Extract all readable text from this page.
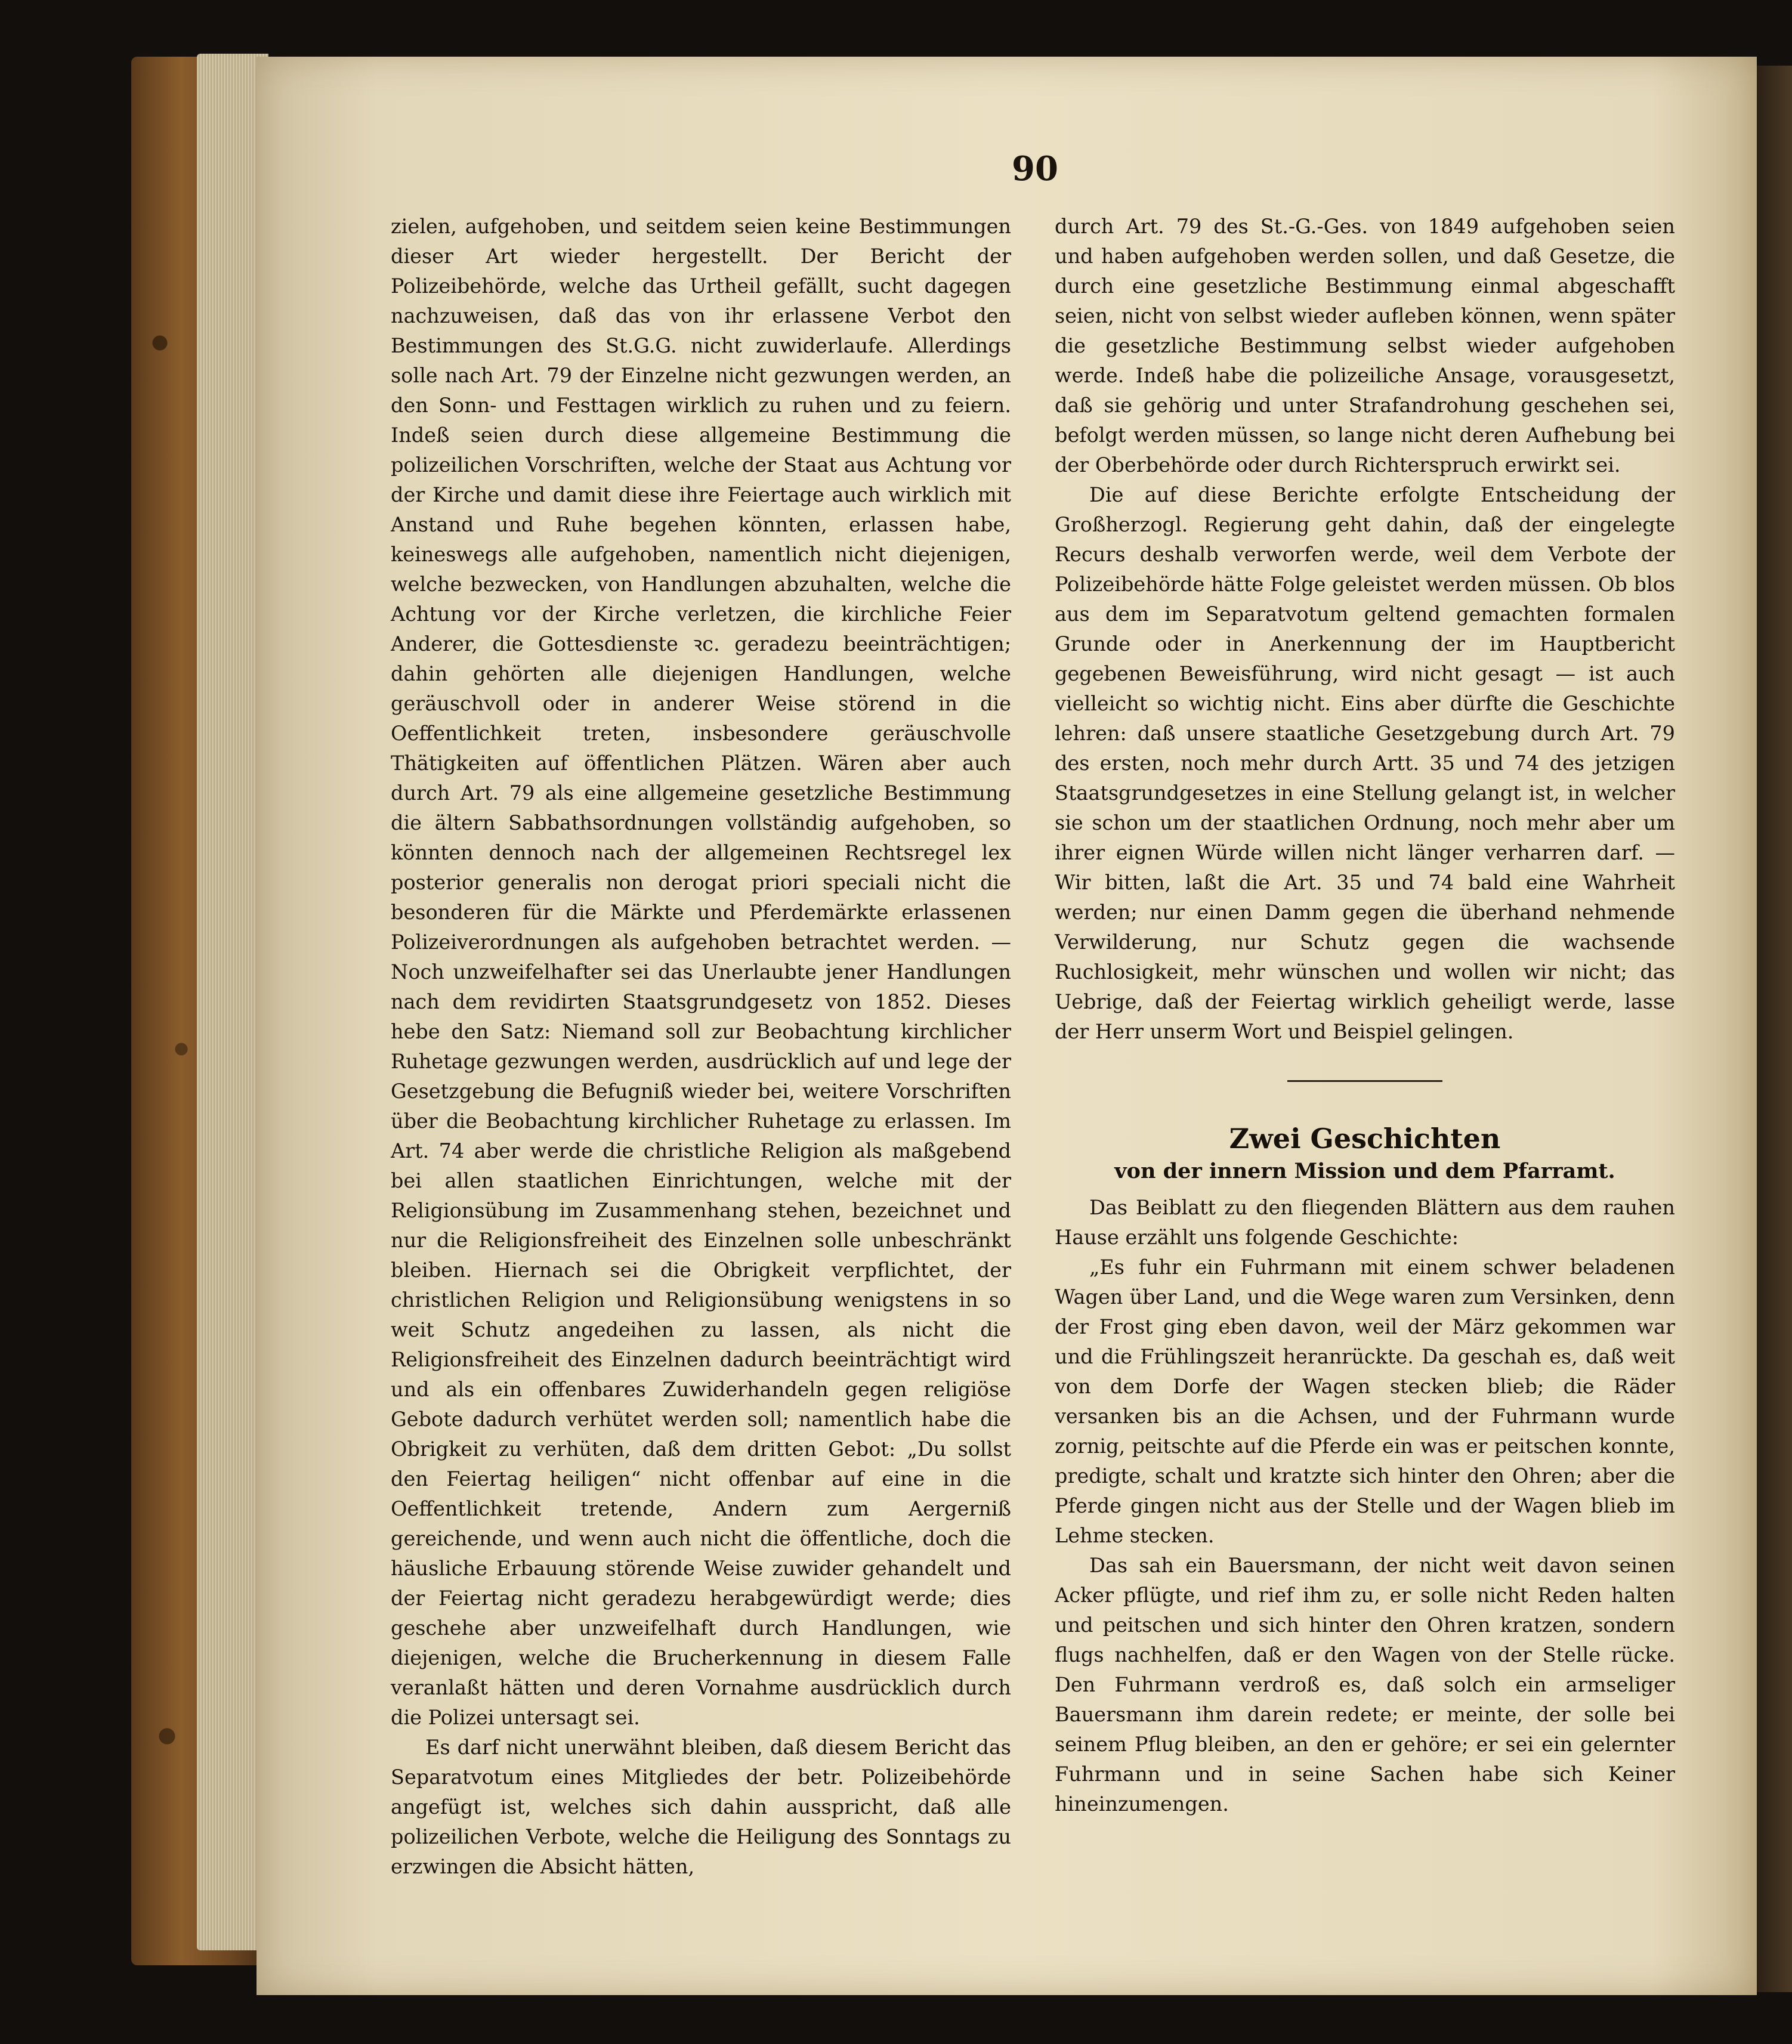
90

zielen, aufgehoben, und seitdem seien keine Bestimmungen dieser Art wieder hergestellt. Der Bericht der Polizeibehörde, welche das Urtheil gefällt, sucht dagegen nachzuweisen, daß das von ihr erlassene Verbot den Bestimmungen des St.G.G. nicht zuwiderlaufe. Allerdings solle nach Art. 79 der Einzelne nicht gezwungen werden, an den Sonn- und Festtagen wirklich zu ruhen und zu feiern. Indeß seien durch diese allgemeine Bestimmung die polizeilichen Vorschriften, welche der Staat aus Achtung vor der Kirche und damit diese ihre Feiertage auch wirklich mit Anstand und Ruhe begehen könnten, erlassen habe, keineswegs alle aufgehoben, namentlich nicht diejenigen, welche bezwecken, von Handlungen abzuhalten, welche die Achtung vor der Kirche verletzen, die kirchliche Feier Anderer, die Gottesdienste ꝛc. geradezu beeinträchtigen; dahin gehörten alle diejenigen Handlungen, welche geräuschvoll oder in anderer Weise störend in die Oeffentlichkeit treten, insbesondere geräuschvolle Thätigkeiten auf öffentlichen Plätzen. Wären aber auch durch Art. 79 als eine allgemeine gesetzliche Bestimmung die ältern Sabbathsordnungen vollständig aufgehoben, so könnten dennoch nach der allgemeinen Rechtsregel lex posterior generalis non derogat priori speciali nicht die besonderen für die Märkte und Pferdemärkte erlassenen Polizeiverordnungen als aufgehoben betrachtet werden. — Noch unzweifelhafter sei das Unerlaubte jener Handlungen nach dem revidirten Staatsgrundgesetz von 1852. Dieses hebe den Satz: Niemand soll zur Beobachtung kirchlicher Ruhetage gezwungen werden, ausdrücklich auf und lege der Gesetzgebung die Befugniß wieder bei, weitere Vorschriften über die Beobachtung kirchlicher Ruhetage zu erlassen. Im Art. 74 aber werde die christliche Religion als maßgebend bei allen staatlichen Einrichtungen, welche mit der Religionsübung im Zusammenhang stehen, bezeichnet und nur die Religionsfreiheit des Einzelnen solle unbeschränkt bleiben. Hiernach sei die Obrigkeit verpflichtet, der christlichen Religion und Religionsübung wenigstens in so weit Schutz angedeihen zu lassen, als nicht die Religionsfreiheit des Einzelnen dadurch beeinträchtigt wird und als ein offenbares Zuwiderhandeln gegen religiöse Gebote dadurch verhütet werden soll; namentlich habe die Obrigkeit zu verhüten, daß dem dritten Gebot: „Du sollst den Feiertag heiligen“ nicht offenbar auf eine in die Oeffentlichkeit tretende, Andern zum Aergerniß gereichende, und wenn auch nicht die öffentliche, doch die häusliche Erbauung störende Weise zuwider gehandelt und der Feiertag nicht geradezu herabgewürdigt werde; dies geschehe aber unzweifelhaft durch Handlungen, wie diejenigen, welche die Brucherkennung in diesem Falle veranlaßt hätten und deren Vornahme ausdrücklich durch die Polizei untersagt sei.

Es darf nicht unerwähnt bleiben, daß diesem Bericht das Separatvotum eines Mitgliedes der betr. Polizeibehörde angefügt ist, welches sich dahin ausspricht, daß alle polizeilichen Verbote, welche die Heiligung des Sonntags zu erzwingen die Absicht hätten,

durch Art. 79 des St.-G.-Ges. von 1849 aufgehoben seien und haben aufgehoben werden sollen, und daß Gesetze, die durch eine gesetzliche Bestimmung einmal abgeschafft seien, nicht von selbst wieder aufleben können, wenn später die gesetzliche Bestimmung selbst wieder aufgehoben werde. Indeß habe die polizeiliche Ansage, vorausgesetzt, daß sie gehörig und unter Strafandrohung geschehen sei, befolgt werden müssen, so lange nicht deren Aufhebung bei der Oberbehörde oder durch Richterspruch erwirkt sei.

Die auf diese Berichte erfolgte Entscheidung der Großherzogl. Regierung geht dahin, daß der eingelegte Recurs deshalb verworfen werde, weil dem Verbote der Polizeibehörde hätte Folge geleistet werden müssen. Ob blos aus dem im Separatvotum geltend gemachten formalen Grunde oder in Anerkennung der im Hauptbericht gegebenen Beweisführung, wird nicht gesagt — ist auch vielleicht so wichtig nicht. Eins aber dürfte die Geschichte lehren: daß unsere staatliche Gesetzgebung durch Art. 79 des ersten, noch mehr durch Artt. 35 und 74 des jetzigen Staatsgrundgesetzes in eine Stellung gelangt ist, in welcher sie schon um der staatlichen Ordnung, noch mehr aber um ihrer eignen Würde willen nicht länger verharren darf. — Wir bitten, laßt die Art. 35 und 74 bald eine Wahrheit werden; nur einen Damm gegen die überhand nehmende Verwilderung, nur Schutz gegen die wachsende Ruchlosigkeit, mehr wünschen und wollen wir nicht; das Uebrige, daß der Feiertag wirklich geheiligt werde, lasse der Herr unserm Wort und Beispiel gelingen.

Zwei Geschichten
von der innern Mission und dem Pfarramt.

Das Beiblatt zu den fliegenden Blättern aus dem rauhen Hause erzählt uns folgende Geschichte:

„Es fuhr ein Fuhrmann mit einem schwer beladenen Wagen über Land, und die Wege waren zum Versinken, denn der Frost ging eben davon, weil der März gekommen war und die Frühlingszeit heranrückte. Da geschah es, daß weit von dem Dorfe der Wagen stecken blieb; die Räder versanken bis an die Achsen, und der Fuhrmann wurde zornig, peitschte auf die Pferde ein was er peitschen konnte, predigte, schalt und kratzte sich hinter den Ohren; aber die Pferde gingen nicht aus der Stelle und der Wagen blieb im Lehme stecken.

Das sah ein Bauersmann, der nicht weit davon seinen Acker pflügte, und rief ihm zu, er solle nicht Reden halten und peitschen und sich hinter den Ohren kratzen, sondern flugs nachhelfen, daß er den Wagen von der Stelle rücke. Den Fuhrmann verdroß es, daß solch ein armseliger Bauersmann ihm darein redete; er meinte, der solle bei seinem Pflug bleiben, an den er gehöre; er sei ein gelernter Fuhrmann und in seine Sachen habe sich Keiner hineinzumengen.
